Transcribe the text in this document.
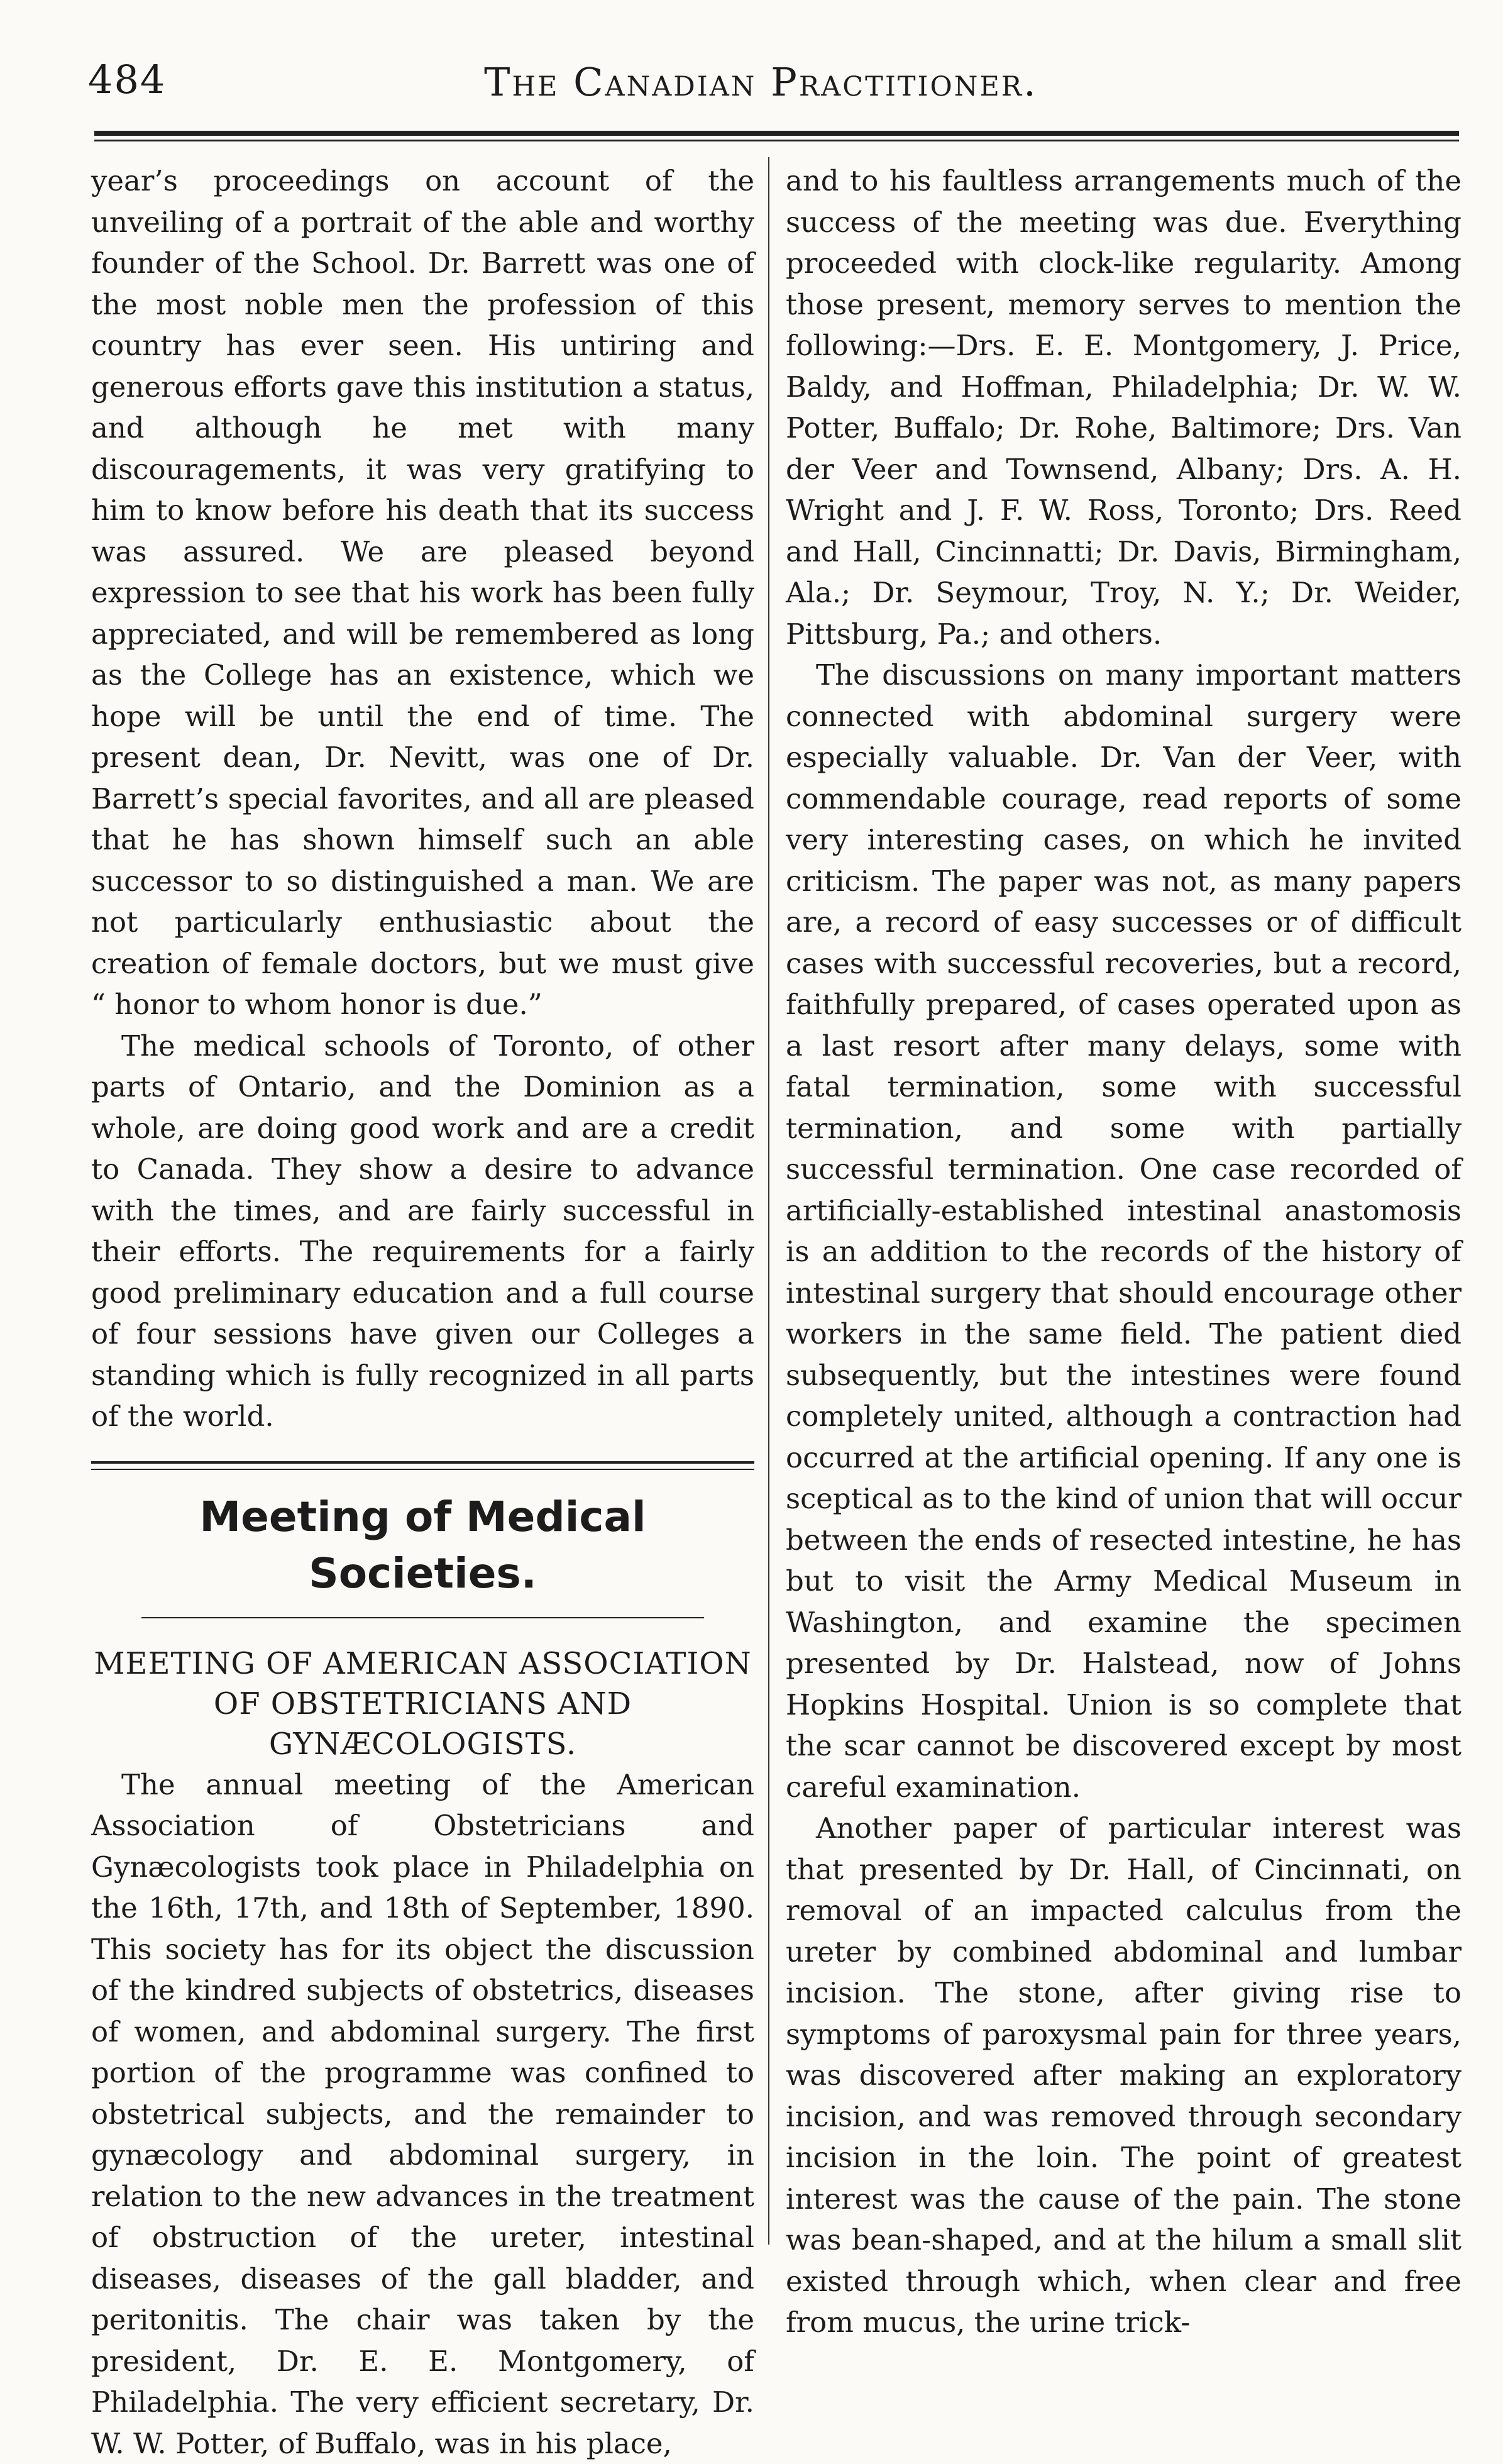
484	The Canadian Practitioner.

year’s proceedings on account of the unveiling of a portrait of the able and worthy founder of the School. Dr. Barrett was one of the most noble men the profession of this country has ever seen. His untiring and generous efforts gave this institution a status, and although he met with many discouragements, it was very gratifying to him to know before his death that its success was assured. We are pleased beyond expression to see that his work has been fully appreciated, and will be remembered as long as the College has an existence, which we hope will be until the end of time. The present dean, Dr. Nevitt, was one of Dr. Barrett’s special favorites, and all are pleased that he has shown himself such an able successor to so distinguished a man. We are not particularly enthusiastic about the creation of female doctors, but we must give “ honor to whom honor is due.”

The medical schools of Toronto, of other parts of Ontario, and the Dominion as a whole, are doing good work and are a credit to Canada. They show a desire to advance with the times, and are fairly successful in their efforts. The requirements for a fairly good preliminary education and a full course of four sessions have given our Colleges a standing which is fully recognized in all parts of the world.

Meeting of Medical Societies.

MEETING OF AMERICAN ASSOCIATION OF OBSTETRICIANS AND GYNÆCOLOGISTS.

The annual meeting of the American Association of Obstetricians and Gynæcologists took place in Philadelphia on the 16th, 17th, and 18th of September, 1890. This society has for its object the discussion of the kindred subjects of obstetrics, diseases of women, and abdominal surgery. The first portion of the programme was confined to obstetrical subjects, and the remainder to gynæcology and abdominal surgery, in relation to the new advances in the treatment of obstruction of the ureter, intestinal diseases, diseases of the gall bladder, and peritonitis. The chair was taken by the president, Dr. E. E. Montgomery, of Philadelphia. The very efficient secretary, Dr. W. W. Potter, of Buffalo, was in his place,

and to his faultless arrangements much of the success of the meeting was due. Everything proceeded with clock-like regularity. Among those present, memory serves to mention the following:—Drs. E. E. Montgomery, J. Price, Baldy, and Hoffman, Philadelphia; Dr. W. W. Potter, Buffalo; Dr. Rohe, Baltimore; Drs. Van der Veer and Townsend, Albany; Drs. A. H. Wright and J. F. W. Ross, Toronto; Drs. Reed and Hall, Cincinnatti; Dr. Davis, Birmingham, Ala.; Dr. Seymour, Troy, N. Y.; Dr. Weider, Pittsburg, Pa.; and others.

The discussions on many important matters connected with abdominal surgery were especially valuable. Dr. Van der Veer, with commendable courage, read reports of some very interesting cases, on which he invited criticism. The paper was not, as many papers are, a record of easy successes or of difficult cases with successful recoveries, but a record, faithfully prepared, of cases operated upon as a last resort after many delays, some with fatal termination, some with successful termination, and some with partially successful termination. One case recorded of artificially-established intestinal anastomosis is an addition to the records of the history of intestinal surgery that should encourage other workers in the same field. The patient died subsequently, but the intestines were found completely united, although a contraction had occurred at the artificial opening. If any one is sceptical as to the kind of union that will occur between the ends of resected intestine, he has but to visit the Army Medical Museum in Washington, and examine the specimen presented by Dr. Halstead, now of Johns Hopkins Hospital. Union is so complete that the scar cannot be discovered except by most careful examination.

Another paper of particular interest was that presented by Dr. Hall, of Cincinnati, on removal of an impacted calculus from the ureter by combined abdominal and lumbar incision. The stone, after giving rise to symptoms of paroxysmal pain for three years, was discovered after making an exploratory incision, and was removed through secondary incision in the loin. The point of greatest interest was the cause of the pain. The stone was bean-shaped, and at the hilum a small slit existed through which, when clear and free from mucus, the urine trick-
